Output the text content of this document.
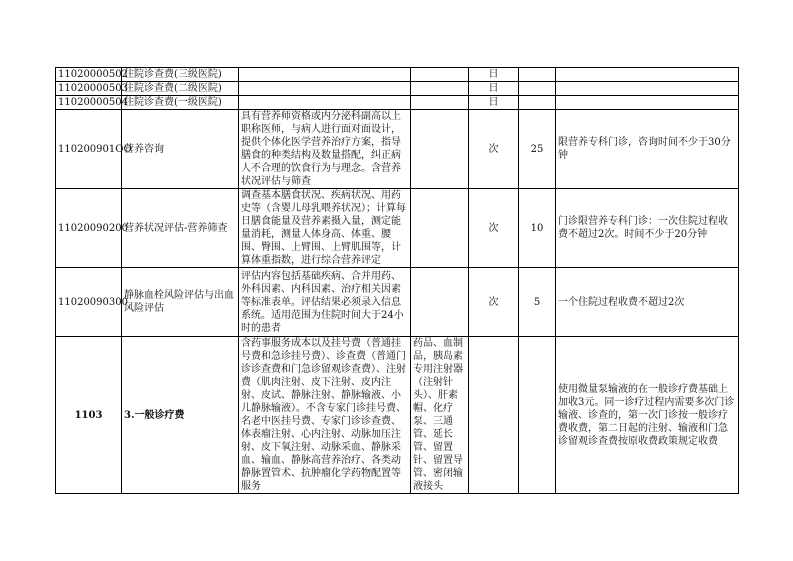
11020000502	住院诊查费(三级医院)			日		
11020000503	住院诊查费(二级医院)			日		
11020000504	住院诊查费(一级医院)			日		
110200901OO	营养咨询	具有营养师资格或内分泌科副高以上职称医师，与病人进行面对面设计，提供个体化医学营养治疗方案，指导膳食的种类结构及数量搭配，纠正病人不合理的饮食行为与理念。含营养状况评估与筛查		次	25	限营养专科门诊，咨询时间不少于30分钟
11020090200	营养状况评估-营养筛查	调查基本膳食状况、疾病状况、用药史等（含婴儿母乳喂养状况）；计算每日膳食能量及营养素摄入量，测定能量消耗，测量人体身高、体重、腰围、臀围、上臂围、上臂肌围等，计算体重指数，进行综合营养评定		次	10	门诊限营养专科门诊：一次住院过程收费不超过2次。时间不少于20分钟
11020090300	静脉血栓风险评估与出血风险评估	评估内容包括基础疾病、合并用药、外科因素、内科因素、治疗相关因素等标准表单。评估结果必须录入信息系统。适用范围为住院时间大于24小时的患者		次	5	一个住院过程收费不超过2次
1103	3.一般诊疗费	含药事服务成本以及挂号费（普通挂号费和急诊挂号费）、诊查费（普通门诊诊查费和门急诊留观诊查费）、注射费（肌肉注射、皮下注射、皮内注射、皮试、静脉注射、静脉输液、小儿静脉输液）。不含专家门诊挂号费、名老中医挂号费、专家门诊诊查费、体表瘤注射、心内注射、动脉加压注射、皮下氧注射、动脉采血、静脉采血、输血、静脉高营养治疗、各类动静脉置管术、抗肿瘤化学药物配置等服务	药品、血制品，胰岛素专用注射器（注射针头）、肝素帽、化疗泵、三通管、延长管、留置针、留置导管、密闭输液接头			使用微量泵输液的在一般诊疗费基础上加收3元。同一诊疗过程内需要多次门诊输液、诊查的，第一次门诊按一般诊疗费收费，第二日起的注射、输液和门急诊留观诊查费按原收费政策规定收费
